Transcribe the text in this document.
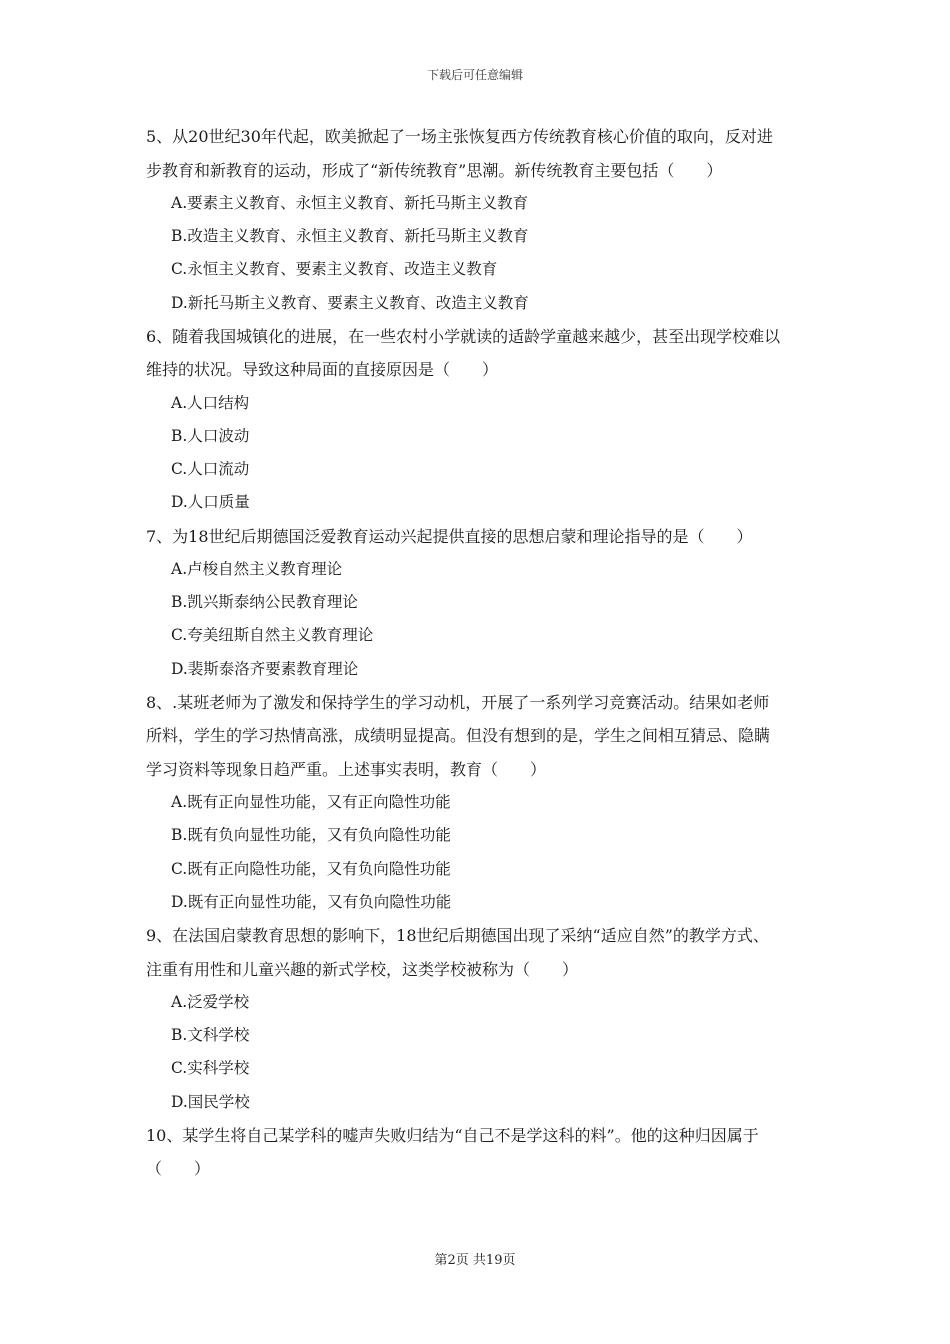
下载后可任意编辑
5、从20世纪30年代起，欧美掀起了一场主张恢复西方传统教育核心价值的取向，反对进
步教育和新教育的运动，形成了“新传统教育”思潮。新传统教育主要包括（　　）
A.要素主义教育、永恒主义教育、新托马斯主义教育
B.改造主义教育、永恒主义教育、新托马斯主义教育
C.永恒主义教育、要素主义教育、改造主义教育
D.新托马斯主义教育、要素主义教育、改造主义教育
6、随着我国城镇化的进展，在一些农村小学就读的适龄学童越来越少，甚至出现学校难以
维持的状况。导致这种局面的直接原因是（　　）
A.人口结构
B.人口波动
C.人口流动
D.人口质量
7、为18世纪后期德国泛爱教育运动兴起提供直接的思想启蒙和理论指导的是（　　）
A.卢梭自然主义教育理论
B.凯兴斯泰纳公民教育理论
C.夸美纽斯自然主义教育理论
D.裴斯泰洛齐要素教育理论
8、.某班老师为了激发和保持学生的学习动机，开展了一系列学习竞赛活动。结果如老师
所料，学生的学习热情高涨，成绩明显提高。但没有想到的是，学生之间相互猜忌、隐瞒
学习资料等现象日趋严重。上述事实表明，教育（　　）
A.既有正向显性功能，又有正向隐性功能
B.既有负向显性功能，又有负向隐性功能
C.既有正向隐性功能，又有负向隐性功能
D.既有正向显性功能，又有负向隐性功能
9、在法国启蒙教育思想的影响下，18世纪后期德国出现了采纳“适应自然”的教学方式、
注重有用性和儿童兴趣的新式学校，这类学校被称为（　　）
A.泛爱学校
B.文科学校
C.实科学校
D.国民学校
10、某学生将自己某学科的嘘声失败归结为“自己不是学这科的料”。他的这种归因属于
（　　）
第2页 共19页
